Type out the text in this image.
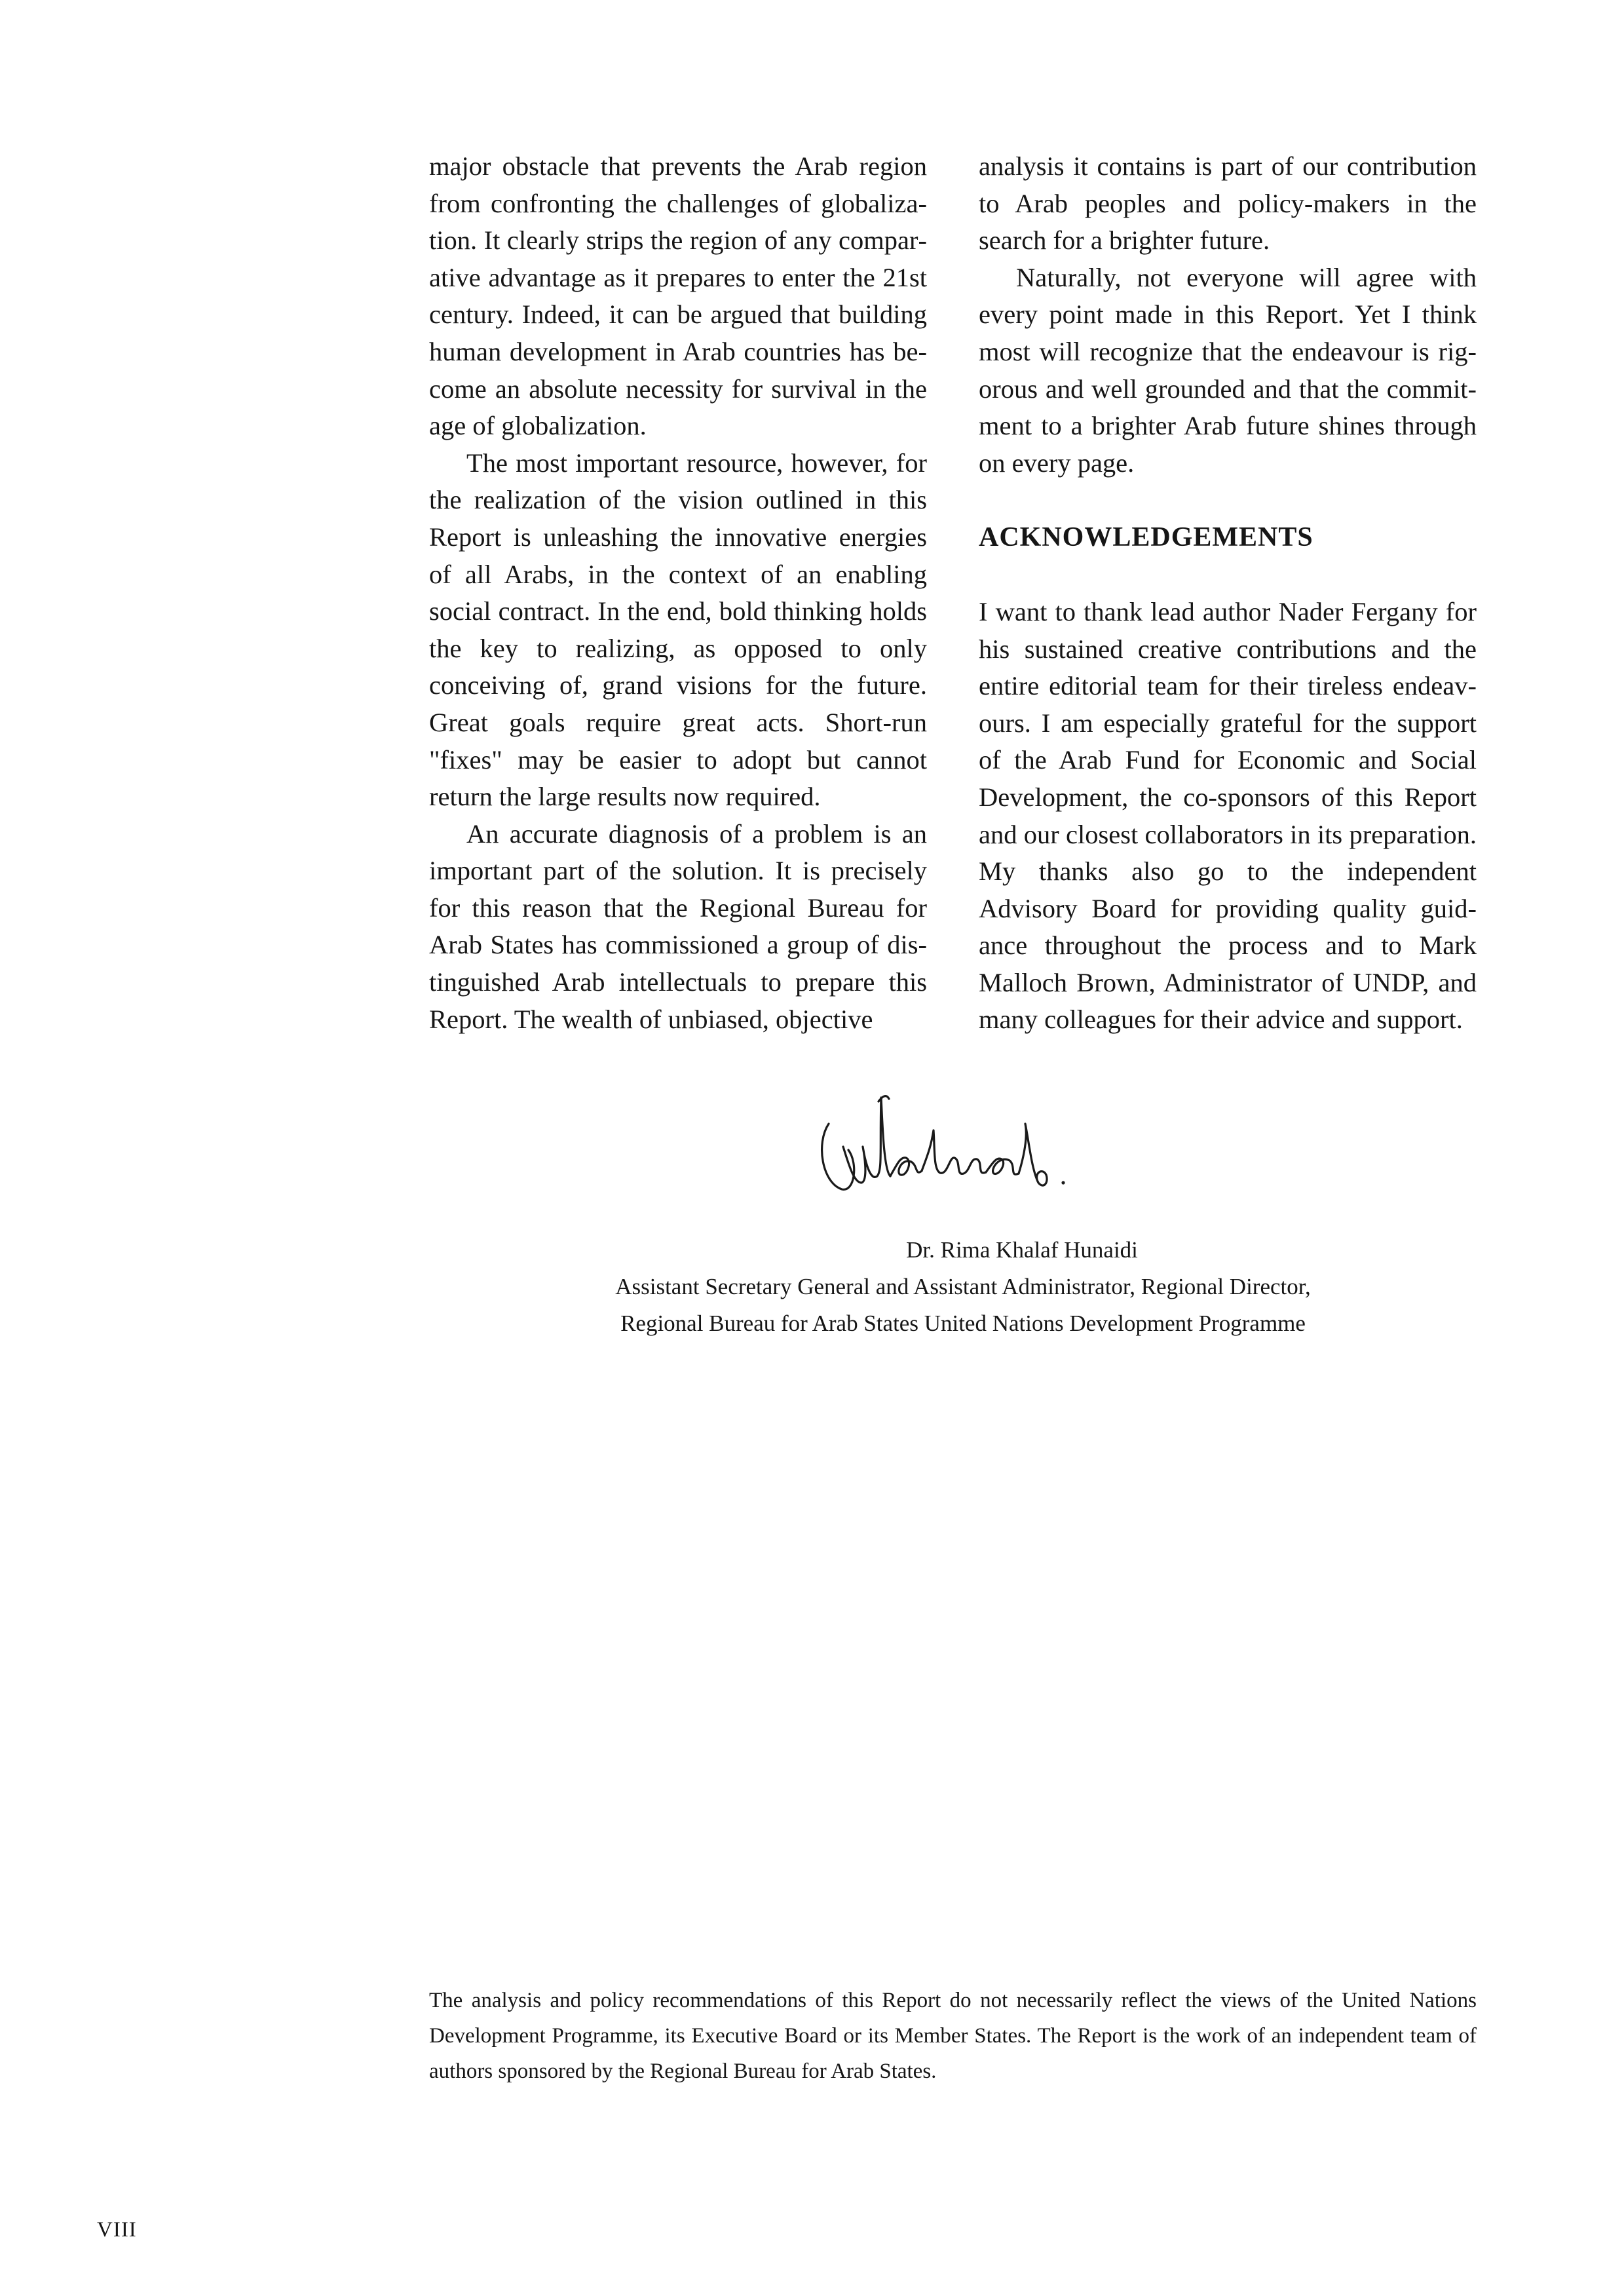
major obstacle that prevents the Arab region from confronting the challenges of globalization. It clearly strips the region of any comparative advantage as it prepares to enter the 21st century. Indeed, it can be argued that building human development in Arab countries has become an absolute necessity for survival in the age of globalization.

The most important resource, however, for the realization of the vision outlined in this Report is unleashing the innovative energies of all Arabs, in the context of an enabling social contract. In the end, bold thinking holds the key to realizing, as opposed to only conceiving of, grand visions for the future. Great goals require great acts. Short-run "fixes" may be easier to adopt but cannot return the large results now required.

An accurate diagnosis of a problem is an important part of the solution. It is precisely for this reason that the Regional Bureau for Arab States has commissioned a group of distinguished Arab intellectuals to prepare this Report. The wealth of unbiased, objective

analysis it contains is part of our contribution to Arab peoples and policy-makers in the search for a brighter future.

Naturally, not everyone will agree with every point made in this Report. Yet I think most will recognize that the endeavour is rigorous and well grounded and that the commitment to a brighter Arab future shines through on every page.

ACKNOWLEDGEMENTS

I want to thank lead author Nader Fergany for his sustained creative contributions and the entire editorial team for their tireless endeavours. I am especially grateful for the support of the Arab Fund for Economic and Social Development, the co-sponsors of this Report and our closest collaborators in its preparation. My thanks also go to the independent Advisory Board for providing quality guidance throughout the process and to Mark Malloch Brown, Administrator of UNDP, and many colleagues for their advice and support.

Dr. Rima Khalaf Hunaidi
Assistant Secretary General and Assistant Administrator, Regional Director,
Regional Bureau for Arab States United Nations Development Programme
The analysis and policy recommendations of this Report do not necessarily reflect the views of the United Nations Development Programme, its Executive Board or its Member States. The Report is the work of an independent team of authors sponsored by the Regional Bureau for Arab States.
VIII
